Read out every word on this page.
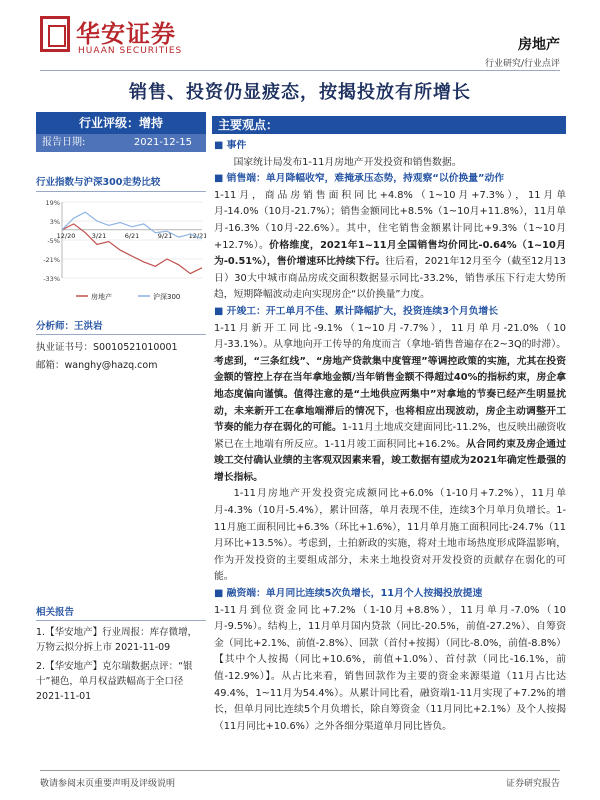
华安证券
HUAAN SECURITIES	房地产
行业研究/行业点评
销售、投资仍显疲态，按揭投放有所增长
行业评级：增持
报告日期:	2021-12-15
行业指数与沪深300走势比较
19%
3%
-5%
-21%
-33%
12/20	3/21	6/21	9/21	12/21
房地产	沪深300
分析师：王洪岩
执业证书号：S0010521010001
邮箱：wanghy@hazq.com
相关报告

1.【华安地产】行业周报：库存微增，万物云拟分拆上市 2021-11-09

2.【华安地产】克尔瑞数据点评：“银十”褪色，单月权益跌幅高于全口径 2021-11-01

主要观点：

■ 事件

国家统计局发布1-11月房地产开发投资和销售数据。

■ 销售端：单月降幅收窄，难掩承压态势，持观察“以价换量”动作

1-11月，商品房销售面积同比+4.8%（1~10月+7.3%），11月单月-14.0%（10月-21.7%）；销售金额同比+8.5%（1~10月+11.8%），11月单月-16.3%（10月-22.6%）。其中，住宅销售金额累计同比+9.3%（1~10月+12.7%）。价格维度，2021年1~11月全国销售均价同比-0.64%（1~10月为-0.51%），售价增速环比持续下行。往后看，2021年12月至今（截至12月13日）30大中城市商品房成交面积数据显示同比-33.2%，销售承压下行走大势所趋，短期降幅波动走向实现房企“以价换量”力度。

■ 开竣工：开工单月不佳、累计降幅扩大，投资连续3个月负增长

1-11月新开工同比-9.1%（1~10月-7.7%），11月单月-21.0%（10月-33.1%）。从拿地向开工传导的角度而言（拿地-销售普遍存在2~3Q的时滞）。考虑到，“三条红线”、“房地产贷款集中度管理”等调控政策的实施，尤其在投资金额的管控上存在当年拿地金额/当年销售金额不得超过40%的指标约束，房企拿地态度偏向谨慎。值得注意的是“土地供应两集中”对拿地的节奏已经产生明显扰动，未来新开工在拿地端滞后的情况下，也将相应出现波动，房企主动调整开工节奏的能力存在弱化的可能。1-11月土地成交建面同比-11.2%，也反映出融资收紧已在土地端有所反应。1-11月竣工面积同比+16.2%。从合同约束及房企通过竣工交付确认业绩的主客观双因素来看，竣工数据有望成为2021年确定性最强的增长指标。

1-11月房地产开发投资完成额同比+6.0%（1-10月+7.2%），11月单月-4.3%（10月-5.4%），累计回落，单月表现不佳，连续3个月单月负增长。1-11月施工面积同比+6.3%（环比+1.6%），11月单月施工面积同比-24.7%（11月环比+13.5%）。考虑到，土拍新政的实施，将对土地市场热度形成降温影响，作为开发投资的主要组成部分，未来土地投资对开发投资的贡献存在弱化的可能。

■ 融资端：单月同比连续5次负增长，11月个人按揭投放提速

1-11月到位资金同比+7.2%（1-10月+8.8%），11月单月-7.0%（10月-9.5%）。结构上，11月单月国内贷款（同比-20.5%，前值-27.2%）、自筹资金（同比+2.1%、前值-2.8%）、回款（首付+按揭）（同比-8.0%，前值-8.8%）【其中个人按揭（同比+10.6%，前值+1.0%）、首付款（同比-16.1%，前值-12.9%）】。从占比来看，销售回款作为主要的资金来源渠道（11月占比达49.4%，1~11月为54.4%）。从累计同比看，融资端1-11月实现了+7.2%的增长，但单月同比连续5个月负增长，除自筹资金（11月同比+2.1%）及个人按揭（11月同比+10.6%）之外各细分渠道单月同比皆负。

敬请参阅末页重要声明及评级说明	证券研究报告
